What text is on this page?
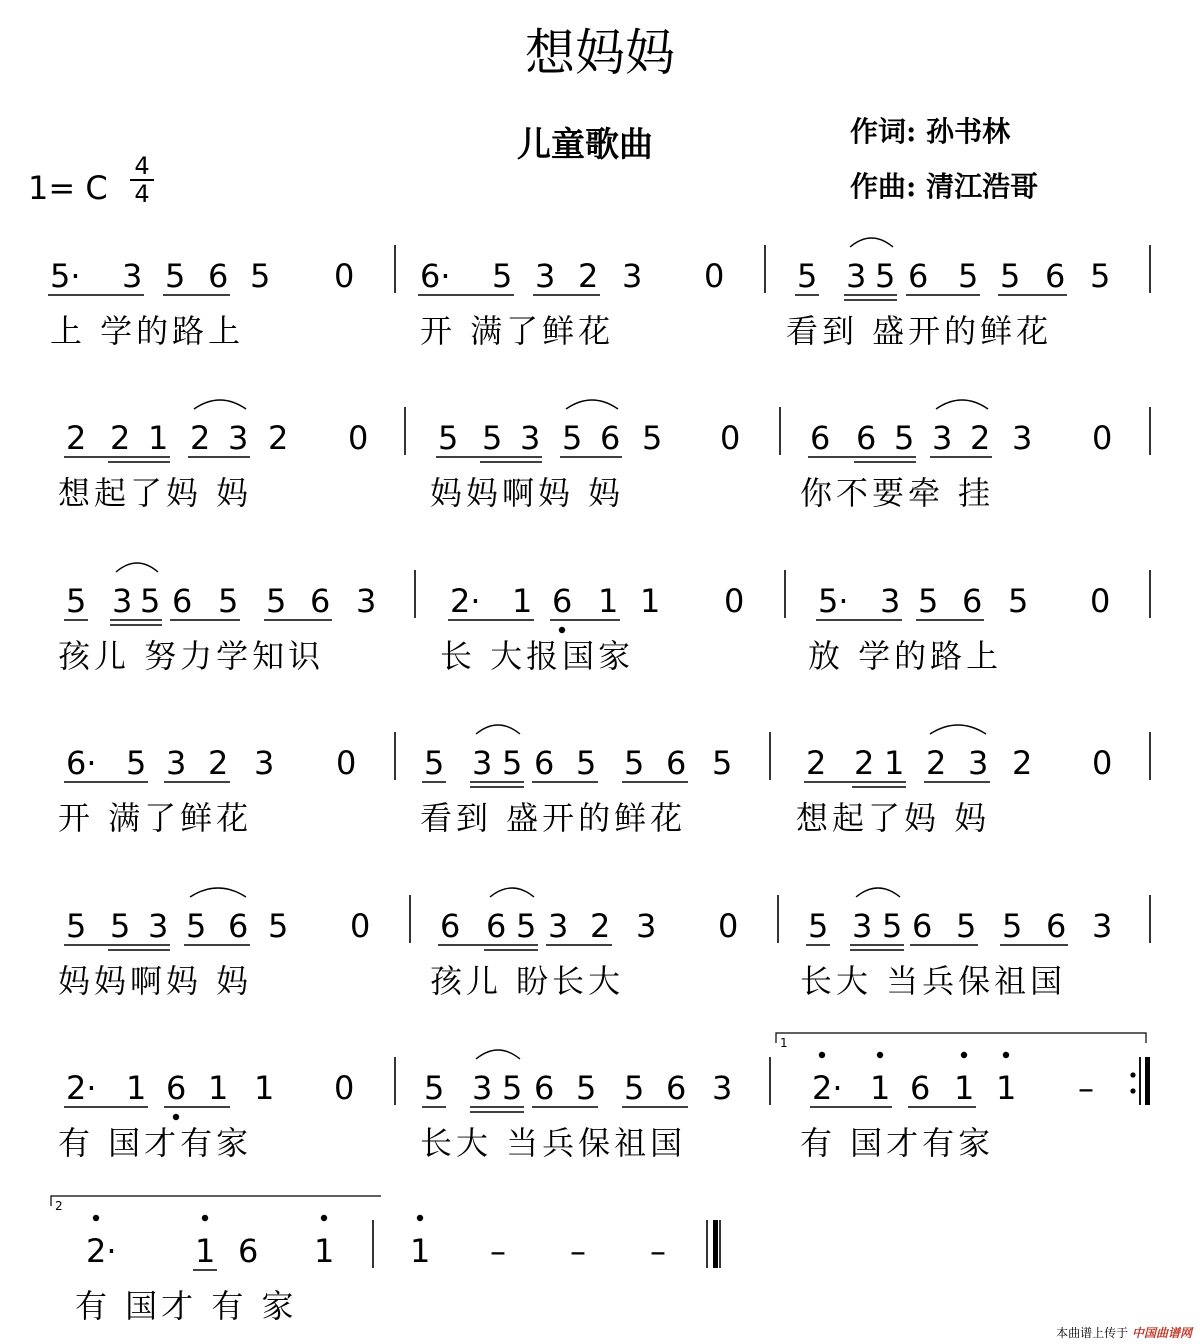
想妈妈
儿童歌曲	作词: 孙书林
作曲: 清江浩哥
1= C
4
4
5· 3 5 6 5 0
上 学的路上
6· 5 3 2 3 0
开 满了鲜花
5 3 5 6 5 5 6 5
看到 盛开的鲜花
2 2 1 2 3 2 0
想起了妈 妈
5 5 3 5 6 5 0
妈妈啊妈 妈
6 6 5 3 2 3 0
你不要牵 挂
5 3 5 6 5 5 6 3
孩儿 努力学知识
2· 1 6 1 1 0
长 大报国家
5· 3 5 6 5 0
放 学的路上
6· 5 3 2 3 0
开 满了鲜花
5 3 5 6 5 5 6 5
看到 盛开的鲜花
2 2 1 2 3 2 0
想起了妈 妈
5 5 3 5 6 5 0
妈妈啊妈 妈
6 6 5 3 2 3 0
孩儿 盼长大
5 3 5 6 5 5 6 3
长大 当兵保祖国
2· 1 6 1 1 0
有 国才有家
5 3 5 6 5 5 6 3
长大 当兵保祖国
2· 1 6 1 1 –
有 国才有家
1
2· 1 6 1
有 国才 有 家
2
1 – – –
本曲谱上传于 中国曲谱网
